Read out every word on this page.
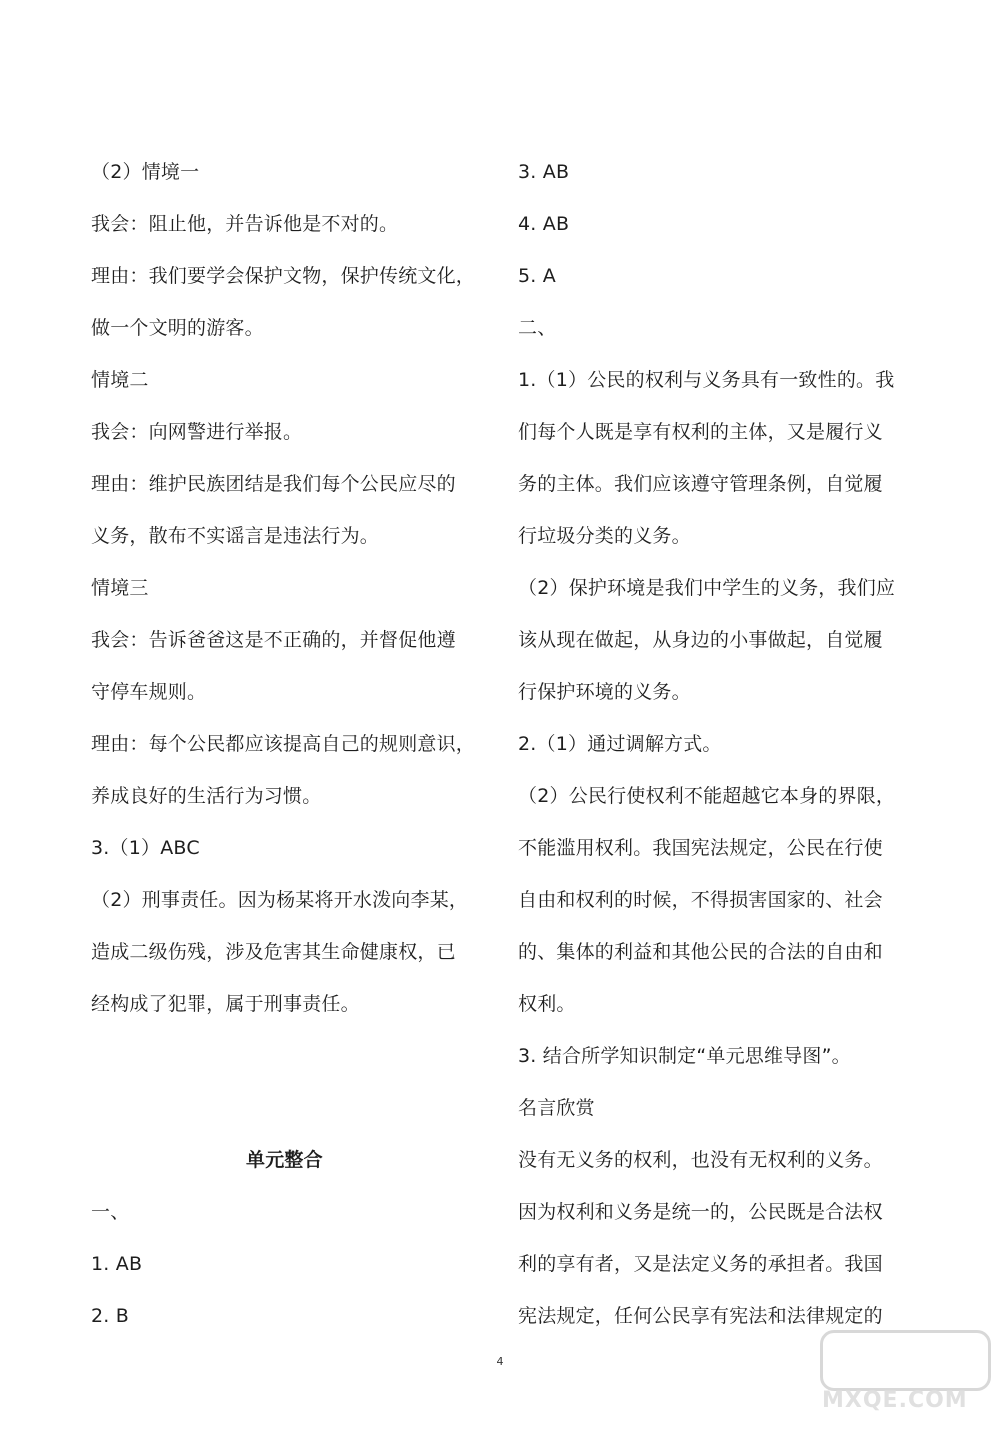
（2）情境一
我会：阻止他，并告诉他是不对的。
理由：我们要学会保护文物，保护传统文化，
做一个文明的游客。
情境二
我会：向网警进行举报。
理由：维护民族团结是我们每个公民应尽的
义务，散布不实谣言是违法行为。
情境三
我会：告诉爸爸这是不正确的，并督促他遵
守停车规则。
理由：每个公民都应该提高自己的规则意识，
养成良好的生活行为习惯。
3.（1）ABC
（2）刑事责任。因为杨某将开水泼向李某，
造成二级伤残，涉及危害其生命健康权，已
经构成了犯罪，属于刑事责任。
单元整合
一、
1. AB
2. B
3. AB
4. AB
5. A
二、
1.（1）公民的权利与义务具有一致性的。我
们每个人既是享有权利的主体，又是履行义
务的主体。我们应该遵守管理条例，自觉履
行垃圾分类的义务。
（2）保护环境是我们中学生的义务，我们应
该从现在做起，从身边的小事做起，自觉履
行保护环境的义务。
2.（1）通过调解方式。
（2）公民行使权利不能超越它本身的界限，
不能滥用权利。我国宪法规定，公民在行使
自由和权利的时候，不得损害国家的、社会
的、集体的利益和其他公民的合法的自由和
权利。
3. 结合所学知识制定“单元思维导图”。
名言欣赏
没有无义务的权利，也没有无权利的义务。
因为权利和义务是统一的，公民既是合法权
利的享有者，又是法定义务的承担者。我国
宪法规定，任何公民享有宪法和法律规定的
4
MXQE.COM
